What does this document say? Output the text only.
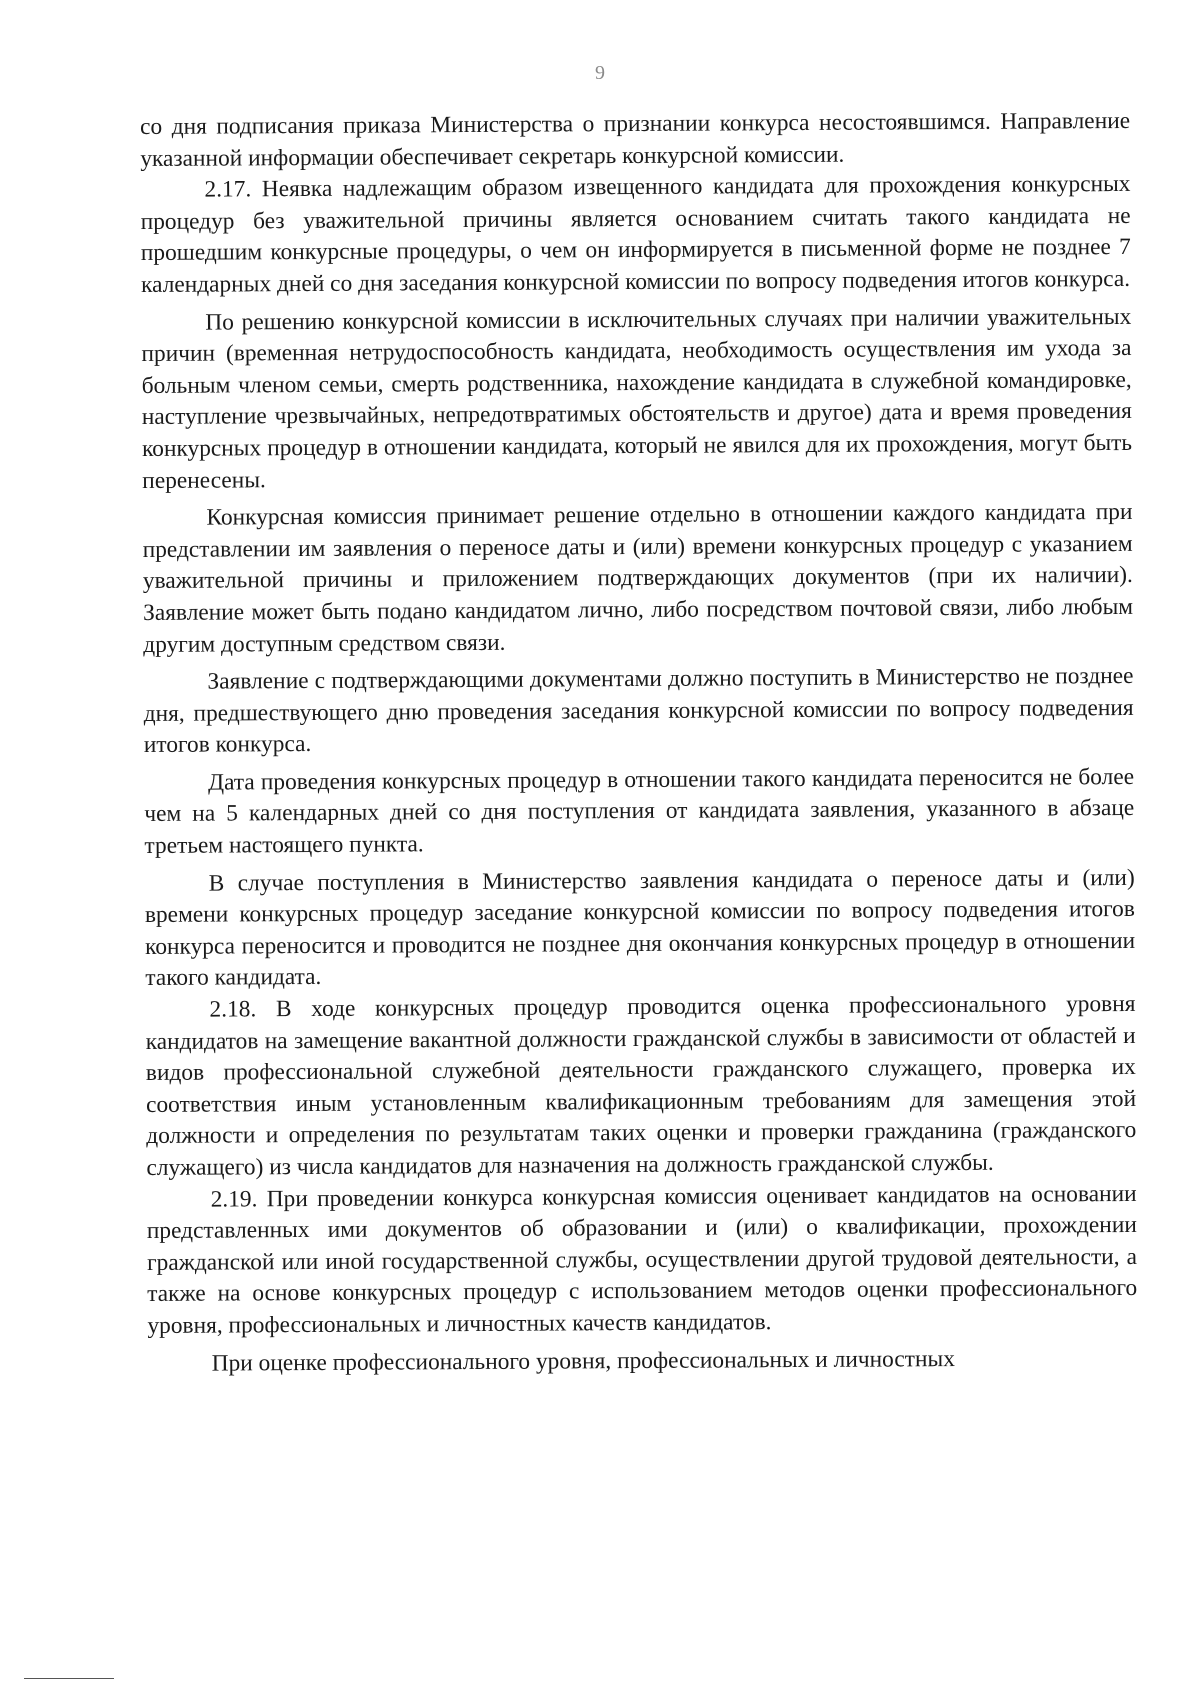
9

со дня подписания приказа Министерства о признании конкурса несостоявшимся. Направление указанной информации обеспечивает секретарь конкурсной комиссии.

2.17. Неявка надлежащим образом извещенного кандидата для прохождения конкурсных процедур без уважительной причины является основанием считать такого кандидата не прошедшим конкурсные процедуры, о чем он информируется в письменной форме не позднее 7 календарных дней со дня заседания конкурсной комиссии по вопросу подведения итогов конкурса.

По решению конкурсной комиссии в исключительных случаях при наличии уважительных причин (временная нетрудоспособность кандидата, необходимость осуществления им ухода за больным членом семьи, смерть родственника, нахождение кандидата в служебной командировке, наступление чрезвычайных, непредотвратимых обстоятельств и другое) дата и время проведения конкурсных процедур в отношении кандидата, который не явился для их прохождения, могут быть перенесены.

Конкурсная комиссия принимает решение отдельно в отношении каждого кандидата при представлении им заявления о переносе даты и (или) времени конкурсных процедур с указанием уважительной причины и приложением подтверждающих документов (при их наличии). Заявление может быть подано кандидатом лично, либо посредством почтовой связи, либо любым другим доступным средством связи.

Заявление с подтверждающими документами должно поступить в Министерство не позднее дня, предшествующего дню проведения заседания конкурсной комиссии по вопросу подведения итогов конкурса.

Дата проведения конкурсных процедур в отношении такого кандидата переносится не более чем на 5 календарных дней со дня поступления от кандидата заявления, указанного в абзаце третьем настоящего пункта.

В случае поступления в Министерство заявления кандидата о переносе даты и (или) времени конкурсных процедур заседание конкурсной комиссии по вопросу подведения итогов конкурса переносится и проводится не позднее дня окончания конкурсных процедур в отношении такого кандидата.

2.18. В ходе конкурсных процедур проводится оценка профессионального уровня кандидатов на замещение вакантной должности гражданской службы в зависимости от областей и видов профессиональной служебной деятельности гражданского служащего, проверка их соответствия иным установленным квалификационным требованиям для замещения этой должности и определения по результатам таких оценки и проверки гражданина (гражданского служащего) из числа кандидатов для назначения на должность гражданской службы.

2.19. При проведении конкурса конкурсная комиссия оценивает кандидатов на основании представленных ими документов об образовании и (или) о квалификации, прохождении гражданской или иной государственной службы, осуществлении другой трудовой деятельности, а также на основе конкурсных процедур с использованием методов оценки профессионального уровня, профессиональных и личностных качеств кандидатов.

При оценке профессионального уровня, профессиональных и личностных
